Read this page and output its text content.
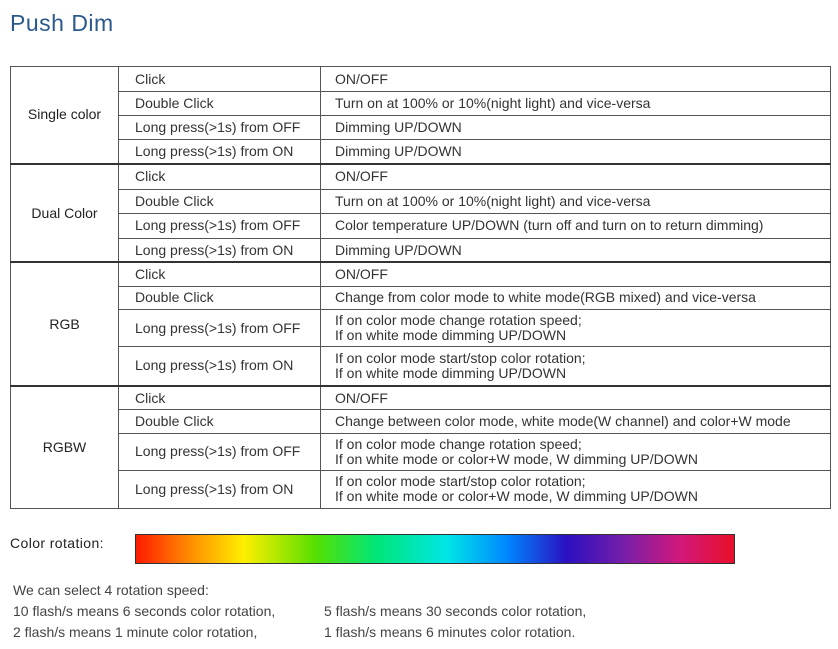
Push Dim
Single color	Click	ON/OFF

	Double Click	Turn on at 100% or 10%(night light) and vice-versa

	Long press(>1s) from OFF	Dimming UP/DOWN

	Long press(>1s) from ON	Dimming UP/DOWN

Dual Color	Click	ON/OFF

	Double Click	Turn on at 100% or 10%(night light) and vice-versa

	Long press(>1s) from OFF	Color temperature UP/DOWN (turn off and turn on to return dimming)

	Long press(>1s) from ON	Dimming UP/DOWN

RGB	Click	ON/OFF

	Double Click	Change from color mode to white mode(RGB mixed) and vice-versa

	Long press(>1s) from OFF	If on color mode change rotation speed;
If on white mode dimming UP/DOWN

	Long press(>1s) from ON	If on color mode start/stop color rotation;
If on white mode dimming UP/DOWN

RGBW	Click	ON/OFF

	Double Click	Change between color mode, white mode(W channel) and color+W mode

	Long press(>1s) from OFF	If on color mode change rotation speed;
If on white mode or color+W mode, W dimming UP/DOWN

	Long press(>1s) from ON	If on color mode start/stop color rotation;
If on white mode or color+W mode, W dimming UP/DOWN
Color rotation:
We can select 4 rotation speed:
10 flash/s means 6 seconds color rotation,	5 flash/s means 30 seconds color rotation,
2 flash/s means 1 minute color rotation,	1 flash/s means 6 minutes color rotation.
